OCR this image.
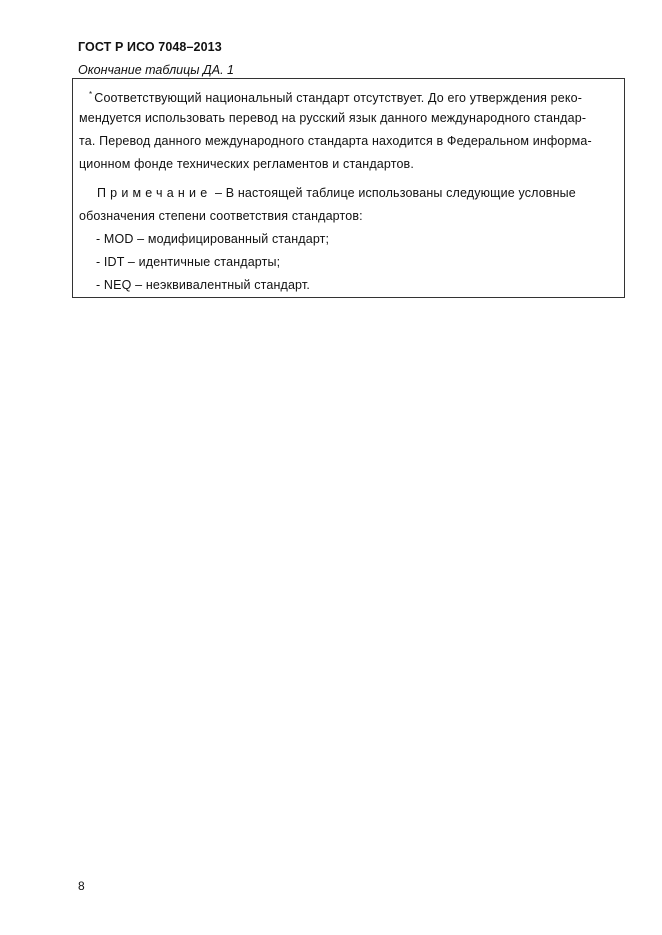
ГОСТ Р ИСО 7048–2013
Окончание таблицы ДА. 1
* Соответствующий национальный стандарт отсутствует. До его утверждения реко-
мендуется использовать перевод на русский язык данного международного стандар-
та. Перевод данного международного стандарта находится в Федеральном информа-
ционном фонде технических регламентов и стандартов.
Примечание – В настоящей таблице использованы следующие условные
обозначения степени соответствия стандартов:
- MOD – модифицированный стандарт;
- IDT – идентичные стандарты;
- NEQ – неэквивалентный стандарт.
8
